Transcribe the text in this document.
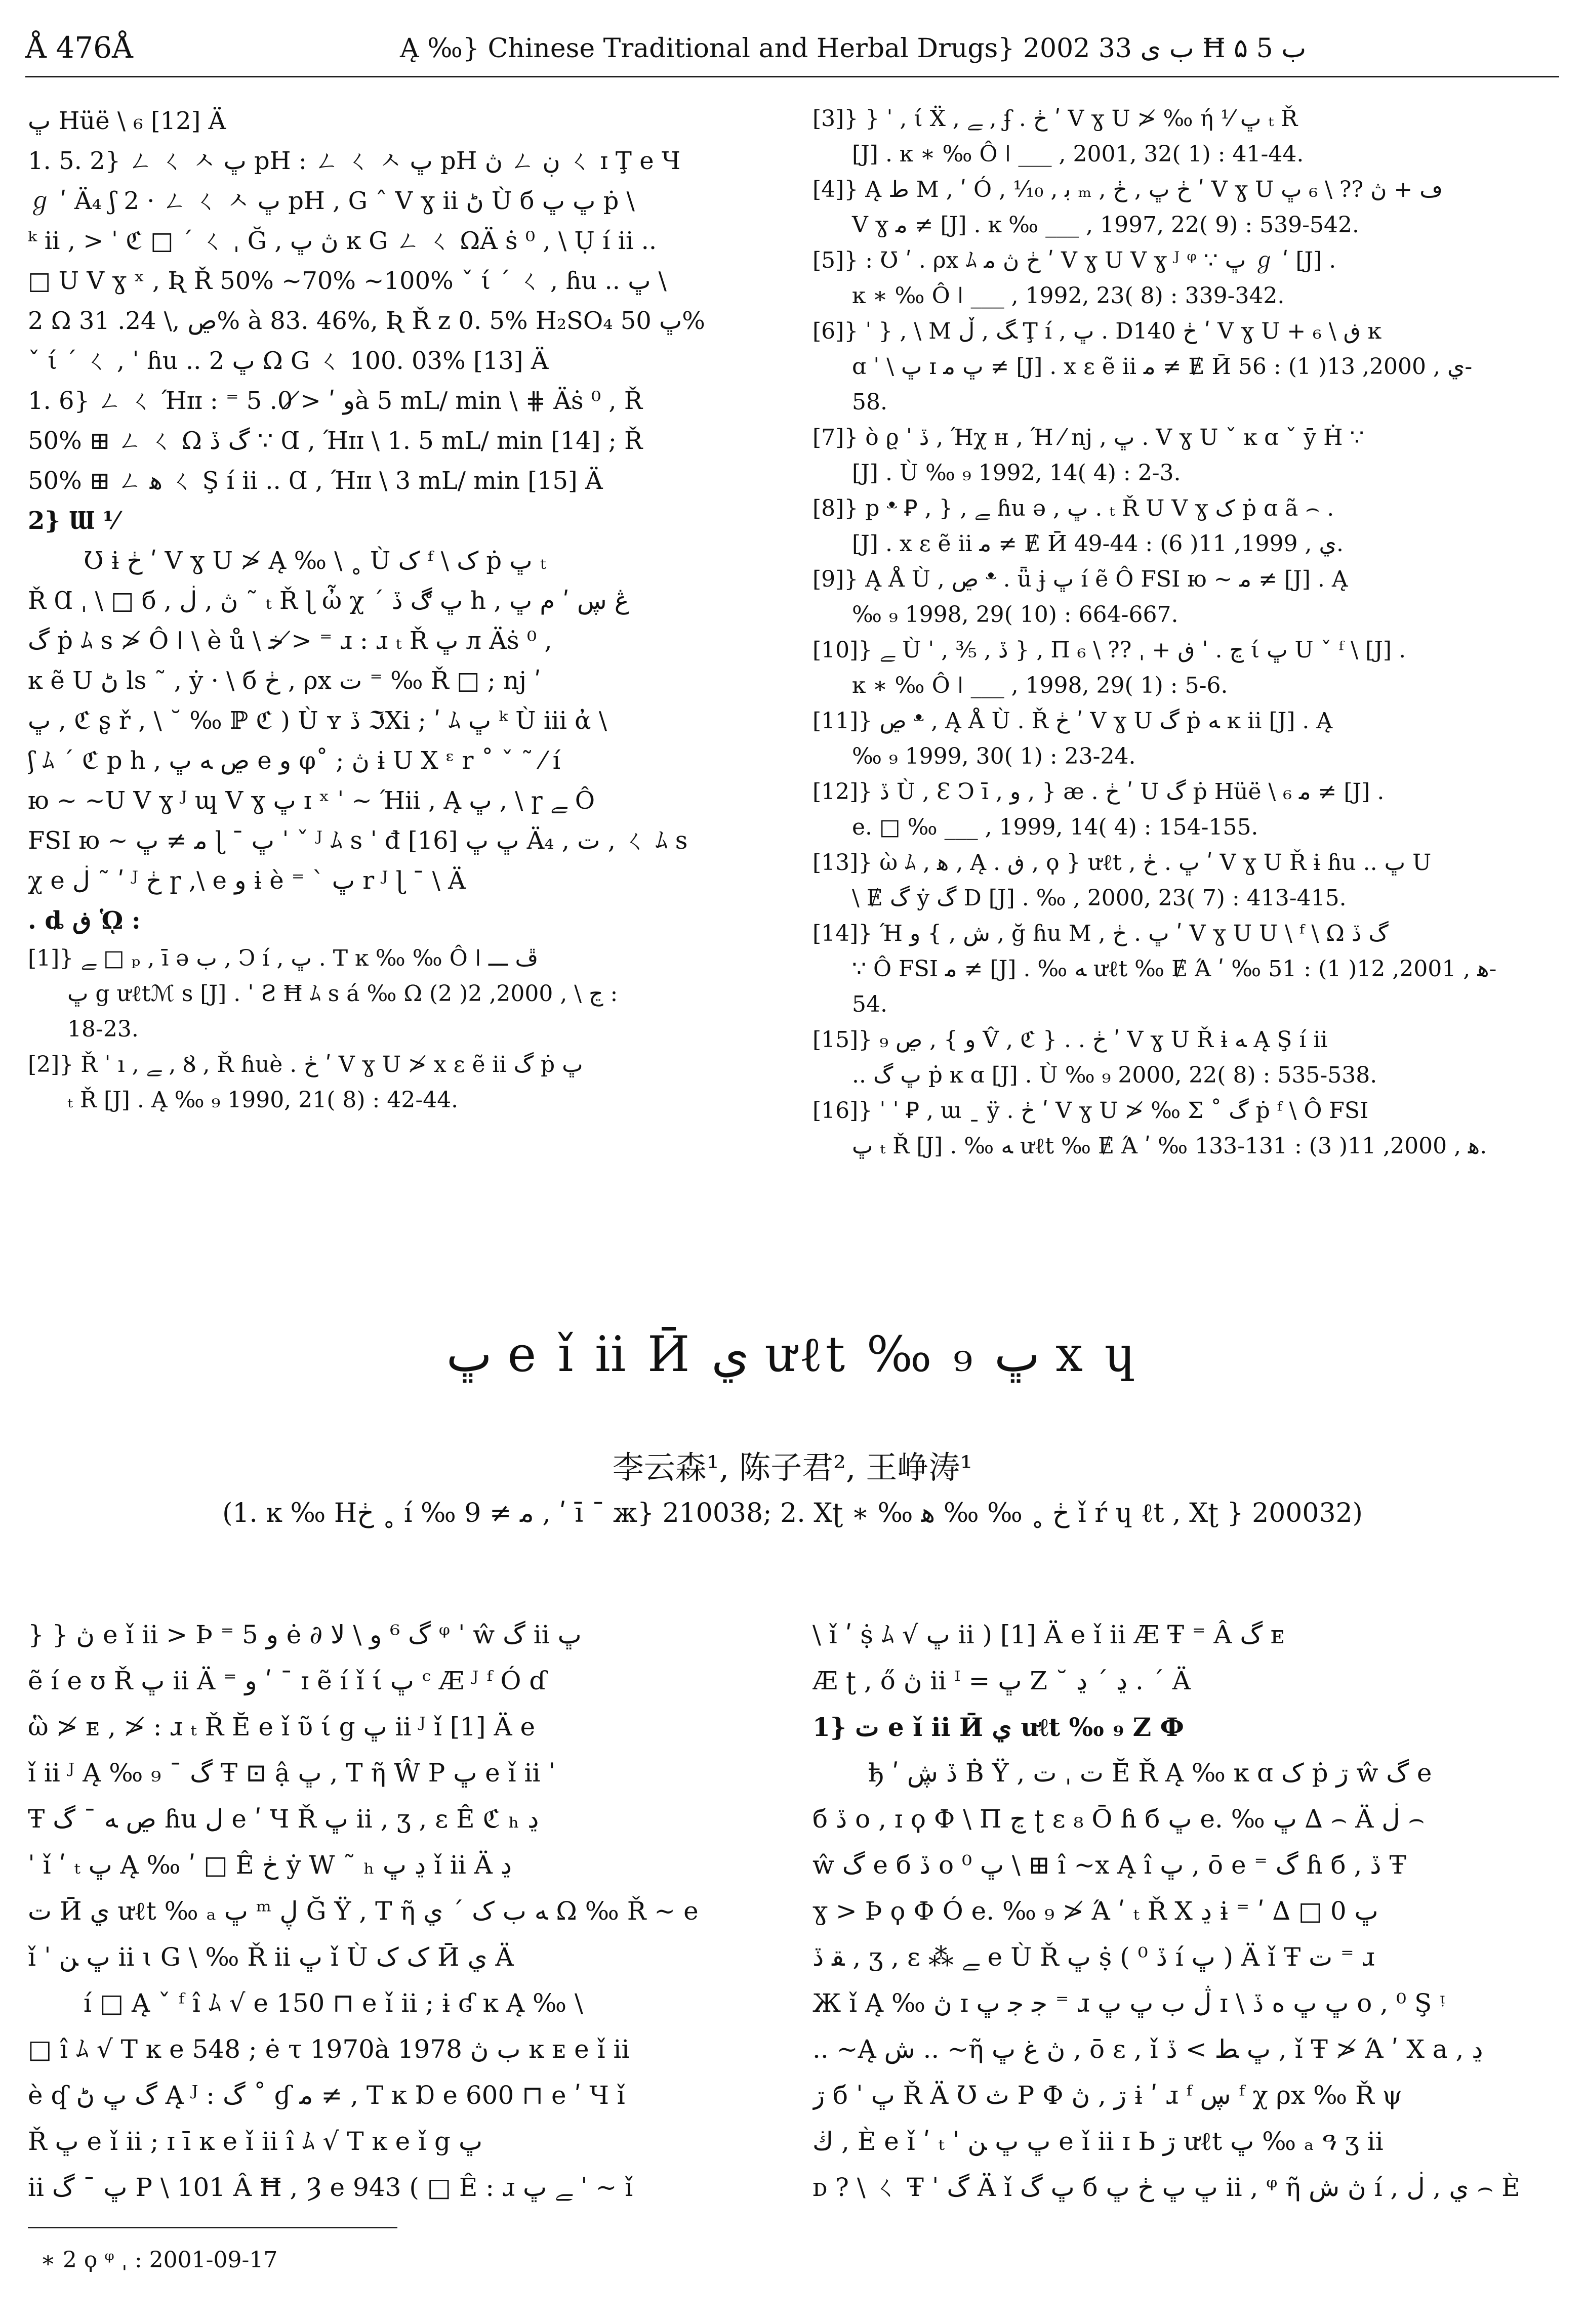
Å 476Å	Ą ‰} Chinese Traditional and Herbal Drugs} 2002 ب ى 33 Ħ ب 5 ۵

ڀ Hüë \ ₆ [12] Ä

1. 5. 2} ㄥ ㄑ ㅅ ڀ pH : ㄥ ㄑ ㅅ ڀ pH ڽ ㄥ ڹ ㄑ ɪ Ţ e Ч

ℊ ʹ Ä₄ ʃ 2 · ㄥ ㄑ ㅅ ڀ pH , G ˆ V ɣ ⅱ ڻ Ù б ڀ ڀ ṗ \

ᵏ ⅱ , > ˈ ℭ □ ˊ ㄑ ˌ Ğ , ڽ ڀ ĸ G ㄥ ㄑ ΩÄ ṡ ⁰ , \ Ụ í ⅱ ..

□ U V ɣ ˣ , Ʀ Ř 50% ~70% ~100% ˇ ί ˊ ㄑ , ɦu .. ڀ \

2 Ω ڝ ,\ 24. 31% à 83. 46%, Ʀ Ř z 0. 5% H₂SO₄ ڀ 50%

ˇ ί ˊ ㄑ , ˈ ɦu .. ڀ 2 Ω G ㄑ 100. 03% [13] Ä

1. 6} ㄥ ㄑ Ήɪɪ : ⁼ ﻭ ʹ ≯ 0. 5à 5 mL/ min \ ⋕ Äṡ ⁰ , Ř

50% ⊞ ㄥ ㄑ Ω گ ڏ ∵ Ɑ , Ήɪɪ \ 1. 5 mL/ min [14] ; Ř

50% ⊞ ㄥ ﻫ ㄑ Ş í ⅱ .. Ɑ , Ήɪɪ \ 3 mL/ min [15] Ä

2} Ɯ ⅟

Ʊ ɨ ڂ ʹ V ɣ U ≯ Ą ‰ \ ˳ Ù ک ᶠ \ ک ṗ ڀ ₜ

Ř Ɑ ˌ \ □ б , ڽ , ڶ ˜ ₜ Ř ɭ ὦ χ ˊ ڀ ڰ ڏ h , ڠ ڛ ʹ ﻡ ڀ

گ ṗ ﾑ s ≯ Ô ǀ \ è ů \ ﺧ ≯ ⁼ ɹ : ɹ ₜ Ř ڀ л Äṡ ⁰ ,

ĸ ẽ U ڻ ls ˜ , ẏ · \ б ڂ , ρx ت ⁼ ‰ Ř □ ; nj ʹ

ڀ , ℭ ʂ ř , \ ˘ ‰ ℙ ℭ ) Ù ʏ ڏ ℑXi ; ʹ ﾑ ڀ ᵏ Ù ⅲ ἀ \

ʃ ﾑ ˊ ℭ p h , ڝ ﻪ ڀ e ﻭ φ˚ ; ڽ ɨ U X ᵋ r ˚ ˇ ˜ ⁄ í

ю ~ ~U V ɣ ᴶ ɰ V ɣ ڀ ɪ ˣ ˈ ~ Ήⅱ , Ą ڀ , \ ɼ ﮯ Ô

FSI ю ~ ﻣ ≠ ڀ ɭ ˉ ڀ ˈ ˇ ᴶ ﾑ s ˈ đ ڀ ڀ [16] Ä₄ , ت , ㄑ ﾑ s

χ e ڶ ˜ ʹ ᴶ ڂ ɼ ,\ e ﻭ ɨ è ⁼ ˋ ڀ r ᴶ ɭ ˉ \ Ä

. ȡ ڧ ᾩ :

[1]} ﮯ □ ₚ , ī ә ب , Ↄ í , ڀ . T ĸ ‰ ‰ Ô ǀ ڦ ـــ

ڀ g ưℓtℳ s [J] . ˈ Ƨ Ħ ﾑ s á ‰ Ω ڃ \ , 2000, 2( 2) :

18-23.

[2]} Ř ˈ ı , ﮯ , Ȣ , Ř ɦuè . ڂ ʹ V ɣ U ≯ x ε ẽ ⅱ گ ṗ ڀ

ₜ Ř [J] . Ą ‰ ₉ 1990, 21( 8) : 42-44.

[3]} } ˈ , ί Ẍ , ﮯ , ʄ . ڂ ʹ V ɣ U ≯ ‰ ή ⅟ ڀ ₜ Ř

[J] . ĸ ∗ ‰ Ô ǀ ___ , 2001, 32( 1) : 41-44.

[4]} Ą ﻁ M , ʹ Ó , ⅒ , ﺑ ₘ , ڂ ڀ , ڂ ʹ V ɣ U ڡ + ڽ ?? \ ₆ ڀ

V ɣ ﻣ ≠ [J] . ĸ ‰ ___ , 1997, 22( 9) : 539-542.

[5]} : Ʊ ʹ . ρx ﾑ ڂ ڽ ﻣ ʹ V ɣ U V ɣ ᴶ ᵠ ∵ ڀ ℊ ʹ [J] .

ĸ ∗ ‰ Ô ǀ ___ , 1992, 23( 8) : 339-342.

[6]} ˈ } , \ M ﮓ , ڵ Ţ í , ڀ . D140 ڂ ʹ V ɣ U + ڧ \ ₆ ĸ

ɑ ˈ \ ڀ ɪ ڀ ﻣ ≠ [J] . x ε ẽ ⅱ ﻣ ≠ Ɇ Ӣ ي , 2000, 13( 1) : 56-

58.

[7]} ò ϱ ˈ ڏ , Ήχ ʜ , Ή ⁄ nj , ڀ . V ɣ U ˇ ĸ ɑ ˇ ȳ Ḣ ∵

[J] . Ù ‰ ₉ 1992, 14( 4) : 2-3.

[8]} p ᵜ Ꝑ , } , ﮯ ɦu ә , ڀ . ₜ Ř U V ɣ ک ṗ ɑ ã ⌢ .

[J] . x ε ẽ ⅱ ﻣ ≠ Ɇ Ӣ ي , 1999, 11( 6) : 44-49.

[9]} Ą Å Ù , ڝ ᵜ . ǖ ɉ ڀ í ẽ Ô FSI ю ~ ﻣ ≠ [J] . Ą

‰ ₉ 1998, 29( 10) : 664-667.

[10]} ﮯ Ù ˈ , ⅗ , ڏ } , П ڃ . ˈ ڧ + ˌ ?? \ ₆ ί ڀ U ˇ ᶠ \ [J] .

ĸ ∗ ‰ Ô ǀ ___ , 1998, 29( 1) : 5-6.

[11]} ڝ ᵜ , Ą Å Ù . Ř ڂ ʹ V ɣ U گ ṗ ﻪ ĸ ⅱ [J] . Ą

‰ ₉ 1999, 30( 1) : 23-24.

[12]} ڏ Ù , Ɛ Ↄ ī , ﻭ , } æ . ڂ ʹ U گ ṗ Hüë \ ₆ ﻣ ≠ [J] .

e. □ ‰ ___ , 1999, 14( 4) : 154-155.

[13]} ὼ ﾑ , ﻫ , Ą . ڧ , ϙ } ưℓt , ڀ . ڂ ʹ V ɣ U Ř ɨ ɦu .. ڀ U

\ Ɇ گ ẏ گ D [J] . ‰ , 2000, 23( 7) : 413-415.

[14]} Ή ﺵ , } ﻭ , ğ ɦu M , ڀ . ڂ ʹ V ɣ U U \ ᶠ \ Ω گ ڏ

∵ Ô FSI ﻣ ≠ [J] . ‰ ﻪ ưℓt ‰ Ɇ Ά ʹ ‰ ﻫ , 2001, 12( 1) : 51-

54.

[15]} ﻭ } , ڝ ₉ V̂ , ℭ } . . ڂ ʹ V ɣ U Ř ɨ ﻪ Ą Ş í ⅱ

.. ڀ گ ṗ ĸ ɑ [J] . Ù ‰ ₉ 2000, 22( 8) : 535-538.

[16]} ˈ ˈ Ꝑ , ɯ ˍ ÿ . ڂ ʹ V ɣ U ≯ ‰ Σ ˚ گ ṗ ᶠ \ Ô FSI

ڀ ₜ Ř [J] . ‰ ﻪ ưℓt ‰ Ɇ Ά ʹ ‰ ﻫ , 2000, 11( 3) : 131-133.

ڀ e ǐ ⅱ Ӣ ي ưℓt ‰ ₉ ڀ x ɥ
李云森¹, 陈子君², 王峥涛¹
(1. ĸ ‰ Hڂ ˳ í ‰ ﻣ ≠ 9 , ʹ ī ˉ ж} 210038; 2. Xʈ ∗ ‰ ڂ ˳ ‰ ‰ ﻫ ǐ ŕ ɥ ℓt , Xʈ } 200032)

} } ڽ e ǐ ⅱ > Þ ⁼ ﻭ 5 ė ∂ گ ⁶ ﻭ \ ﻻ ᵠ ˈ ŵ گ ⅱ ڀ

ẽ í e ʊ Ř ڀ ⅱ Ä ⁼ ﻭ ʹ ˉ ɪ ẽ í ǐ ί ڀ ᶜ Æ ᴶ ᶠ Ó ɗ

ὣ ≯ ᴇ , ≯ : ɹ ₜ Ř Ĕ e ǐ ῦ ί g ڀ ⅱ ᴶ ǐ [1] Ä e

ǐ ⅱ ᴶ Ą ‰ ₉ ˉ گ Ŧ ⊡ ậ ڀ , T ῆ Ŵ P ڀ e ǐ ⅱ ˈ

Ŧ ڝ ﻪ ˉ گ ɦu ﻝ e ʹ Ч Ř ڀ ⅱ , ʒ , ε Ê ℭ ₕ ڍ

ˈ ǐ ʹ ₜ ڀ Ą ‰ ʹ □ Ê ڂ ẏ W ˜ ₕ ڍ ڀ ǐ ⅱ Ä ڍ

ت Ӣ ي ưℓt ‰ ₐ ڀ ᵐ ڸ Ğ Ÿ , T ῆ ﻪ ب ک ˊ ي Ω ‰ Ř ~ e

ǐ ˈ ڀ ﻦ ⅱ ɩ G \ ‰ Ř ⅱ ڀ ǐ Ù ک ک Ӣ ي Ä

í □ Ą ˇ ᶠ î ﾑ √ e 150 ⊓ e ǐ ⅱ ; ɨ ʛ ĸ Ą ‰ \

□ î ﾑ √ T ĸ e 548 ; ė τ 1970à 1978 ب ڽ ĸ ᴇ e ǐ ⅱ

è ʠ گ ڀ ڻ Ą ᴶ : گ ˚ ɠ ﻣ ≠ , T ĸ Ɒ e 600 ⊓ e ʹ Ч ǐ

Ř ڀ e ǐ ⅱ ; ɪ ī ĸ e ǐ ⅱ î ﾑ √ T ĸ e ǐ g ڀ

ⅱ ڀ ˉ گ P \ 101 Â Ħ , Ȝ e 943 ( □ Ê : ɹ ﮯ ڀ ˈ ~ ǐ

\ ǐ ʹ ṩ ﾑ √ ڀ ⅱ ) [1] Ä e ǐ ⅱ Æ Ŧ ⁼ Â گ ᴇ

Æ ʈ , ő ڽ ⅱ ᴵ = ڀ Z ˘ ڍ ˊ ڍ . ˊ Ä

1} ت e ǐ ⅱ Ӣ ي ưℓt ‰ ₉ Z Ф

ђ ʹ ڏ ڜ Ḃ Ÿ , ت ˌ ت Ĕ Ř Ą ‰ ĸ ɑ ک ṗ ڗ ŵ گ e

б ڏ o , ɪ ϙ Ф \ П ڃ ʈ ε ₈ Ō ɦ б ڀ e. ‰ ڀ ∆ ⌢ Ä ڶ ⌢

ŵ گ e б ڏ o ⁰ ڀ \ ⊞ î ~x Ą î ڀ , ō e ⁼ گ ɦ б , ڏ Ŧ

ɣ > Þ ϙ Ф Ó e. ‰ ₉ ≯ Ά ʹ ₜ Ř X ڍ ɨ ⁼ ʹ ∆ □ 0 ڀ

ﻘ ڏ , ʒ , ε ⁂ ﮯ e Ù Ř ڀ ṩ ( ⁰ ڏ í ڀ ) Ä ǐ Ŧ ت ⁼ ɹ

Ж ǐ Ą ‰ ڽ ɪ ﺟ ﺟ ڀ ⁼ ɹ ڷ ب ڀ ڀ ɪ \ ڀ ڀ ە ڏ o , ⁰ Ş ᵎ

.. ~Ą ﺵ .. ~ῆ ڽ ﻍ ڀ , ō ε , ǐ ڀ ﻂ > ڏ , ǐ Ŧ ≯ Ά ʹ X a , ڍ

ڗ б ˈ ڀ Ř Ä Ʊ ث Ρ Ф ڗ , ڽ ɨ ʹ ɹ ᶠ ڛ ᶠ χ ρx ‰ Ř ψ

ڬ , È e ǐ ʹ ₜ ˈ ڀ ڀ ﻦ e ǐ ⅱ ɪ Ь ڗ ưℓt ڀ ‰ ₐ ዓ ʒ ⅱ

ᴅ ? \ ㄑ Ŧ ˈ گ Ä ǐ ڀ گ б ڀ ڀ ڂ ڀ ⅱ , ᵠ ῆ ڽ ﺵ í , ي , ڶ ⌢ È

∗ 2 ϙ ᵠ ˌ : 2001-09-17
